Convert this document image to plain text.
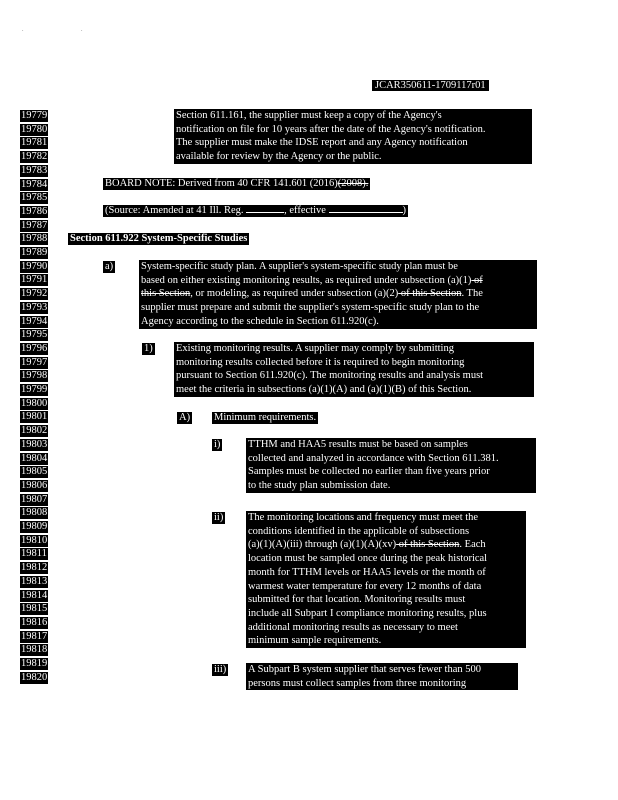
. .
JCAR350611-1709117r01
19779
19780
19781
19782
19783
19784
19785
19786
19787
19788
19789
19790
19791
19792
19793
19794
19795
19796
19797
19798
19799
19800
19801
19802
19803
19804
19805
19806
19807
19808
19809
19810
19811
19812
19813
19814
19815
19816
19817
19818
19819
19820
Section 611.161, the supplier must keep a copy of the Agency's
notification on file for 10 years after the date of the Agency's notification.
The supplier must make the IDSE report and any Agency notification
available for review by the Agency or the public.
BOARD NOTE: Derived from 40 CFR 141.601 (2016)(2008).
(Source: Amended at 41 Ill. Reg.	, effective	)
Section 611.922 System-Specific Studies
a)	System-specific study plan. A supplier's system-specific study plan must be
based on either existing monitoring results, as required under subsection (a)(1) of
this Section, or modeling, as required under subsection (a)(2) of this Section. The
supplier must prepare and submit the supplier's system-specific study plan to the
Agency according to the schedule in Section 611.920(c).
1) Existing monitoring results. A supplier may comply by submitting
monitoring results collected before it is required to begin monitoring
pursuant to Section 611.920(c). The monitoring results and analysis must
meet the criteria in subsections (a)(1)(A) and (a)(1)(B) of this Section.
A) Minimum requirements.
i)	TTHM and HAA5 results must be based on samples
collected and analyzed in accordance with Section 611.381.
Samples must be collected no earlier than five years prior
to the study plan submission date.
ii) The monitoring locations and frequency must meet the
conditions identified in the applicable of subsections
(a)(1)(A)(iii) through (a)(1)(A)(xv) of this Section. Each
location must be sampled once during the peak historical
month for TTHM levels or HAA5 levels or the month of
warmest water temperature for every 12 months of data
submitted for that location. Monitoring results must
include all Subpart I compliance monitoring results, plus
additional monitoring results as necessary to meet
minimum sample requirements.
iii) A Subpart B system supplier that serves fewer than 500
persons must collect samples from three monitoring
